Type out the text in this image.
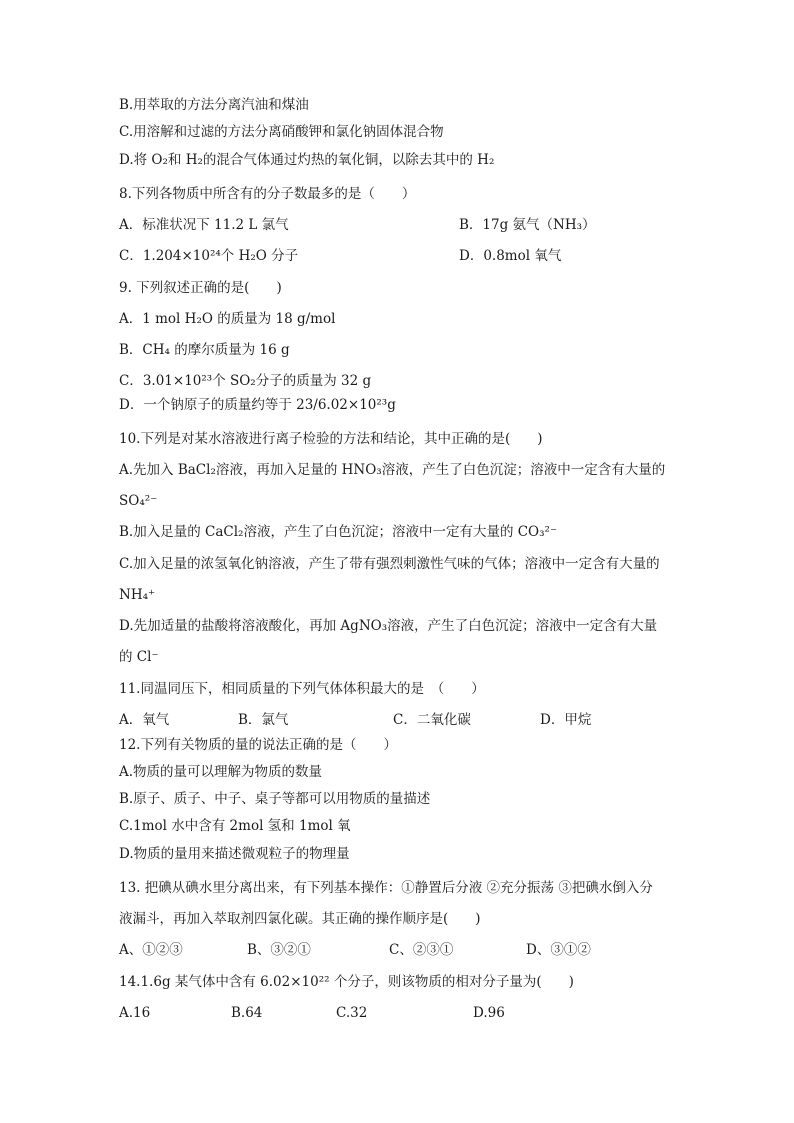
B.用萃取的方法分离汽油和煤油
C.用溶解和过滤的方法分离硝酸钾和氯化钠固体混合物
D.将 O₂和 H₂的混合气体通过灼热的氧化铜，以除去其中的 H₂
8.下列各物质中所含有的分子数最多的是（　　）
A．标准状况下 11.2 L 氯气	B．17g 氨气（NH₃）
C．1.204×10²⁴个 H₂O 分子	D．0.8mol 氧气
9. 下列叙述正确的是(　　)
A．1 mol H₂O 的质量为 18 g/mol
B．CH₄ 的摩尔质量为 16 g
C．3.01×10²³个 SO₂分子的质量为 32 g
D．一个钠原子的质量约等于 23/6.02×10²³g
10.下列是对某水溶液进行离子检验的方法和结论，其中正确的是(　　)
A.先加入 BaCl₂溶液，再加入足量的 HNO₃溶液，产生了白色沉淀；溶液中一定含有大量的
SO₄²⁻
B.加入足量的 CaCl₂溶液，产生了白色沉淀；溶液中一定有大量的 CO₃²⁻
C.加入足量的浓氢氧化钠溶液，产生了带有强烈刺激性气味的气体；溶液中一定含有大量的
NH₄⁺
D.先加适量的盐酸将溶液酸化，再加 AgNO₃溶液，产生了白色沉淀；溶液中一定含有大量
的 Cl⁻
11.同温同压下，相同质量的下列气体体积最大的是　（　　）
A．氧气	B．氯气	C．二氧化碳	D．甲烷
12.下列有关物质的量的说法正确的是（　　）
A.物质的量可以理解为物质的数量
B.原子、质子、中子、桌子等都可以用物质的量描述
C.1mol 水中含有 2mol 氢和 1mol 氧
D.物质的量用来描述微观粒子的物理量
13. 把碘从碘水里分离出来，有下列基本操作：①静置后分液 ②充分振荡 ③把碘水倒入分
液漏斗，再加入萃取剂四氯化碳。其正确的操作顺序是(　　)
A、①②③	B、③②①	C、②③①	D、③①②
14.1.6g 某气体中含有 6.02×10²² 个分子，则该物质的相对分子量为(　　)
A.16	B.64	C.32	D.96
